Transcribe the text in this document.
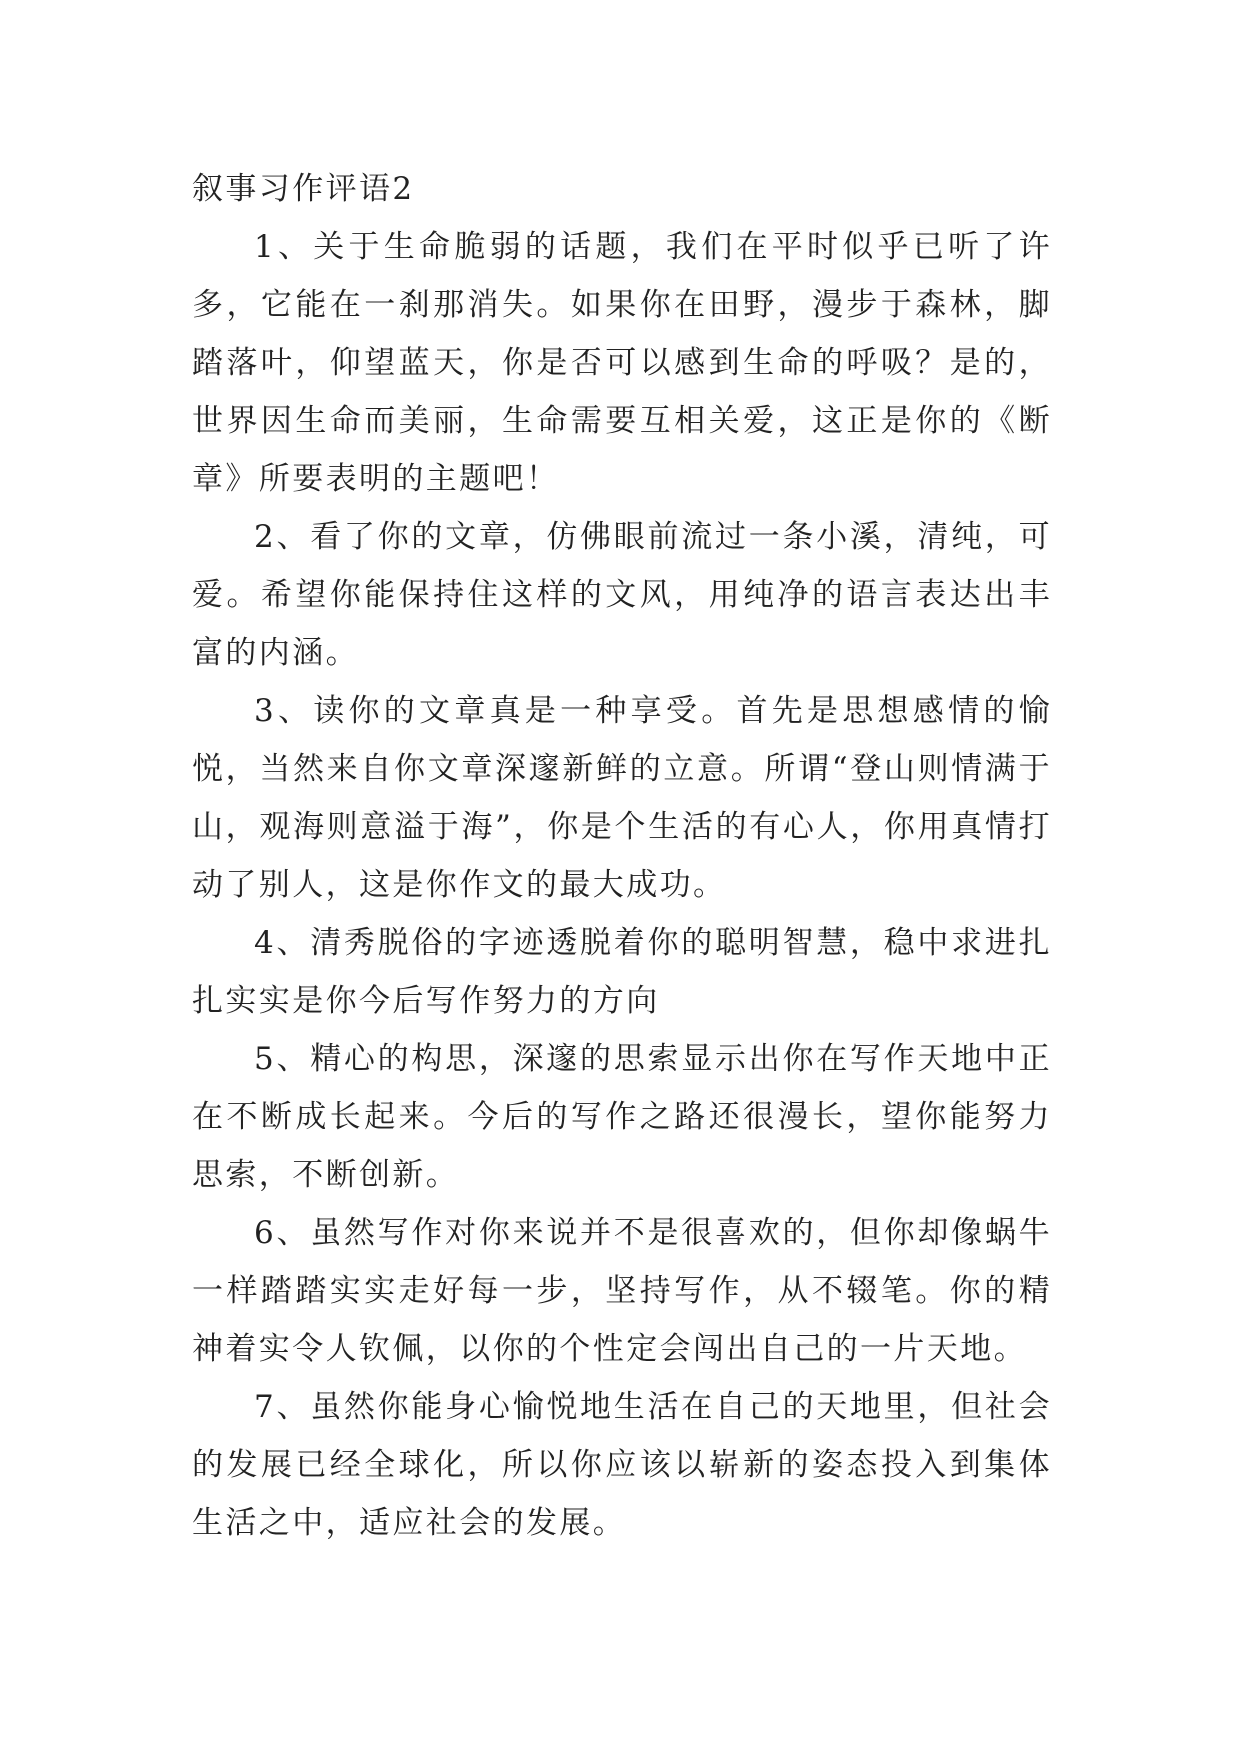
叙事习作评语2

1、关于生命脆弱的话题，我们在平时似乎已听了许多，它能在一刹那消失。如果你在田野，漫步于森林，脚踏落叶，仰望蓝天，你是否可以感到生命的呼吸？是的，世界因生命而美丽，生命需要互相关爱，这正是你的《断章》所要表明的主题吧！

2、看了你的文章，仿佛眼前流过一条小溪，清纯，可爱。希望你能保持住这样的文风，用纯净的语言表达出丰富的内涵。

3、读你的文章真是一种享受。首先是思想感情的愉悦，当然来自你文章深邃新鲜的立意。所谓“登山则情满于山，观海则意溢于海”，你是个生活的有心人，你用真情打动了别人，这是你作文的最大成功。

4、清秀脱俗的字迹透脱着你的聪明智慧，稳中求进扎扎实实是你今后写作努力的方向

5、精心的构思，深邃的思索显示出你在写作天地中正在不断成长起来。今后的写作之路还很漫长，望你能努力思索，不断创新。

6、虽然写作对你来说并不是很喜欢的，但你却像蜗牛一样踏踏实实走好每一步，坚持写作，从不辍笔。你的精神着实令人钦佩，以你的个性定会闯出自己的一片天地。

7、虽然你能身心愉悦地生活在自己的天地里，但社会的发展已经全球化，所以你应该以崭新的姿态投入到集体生活之中，适应社会的发展。
